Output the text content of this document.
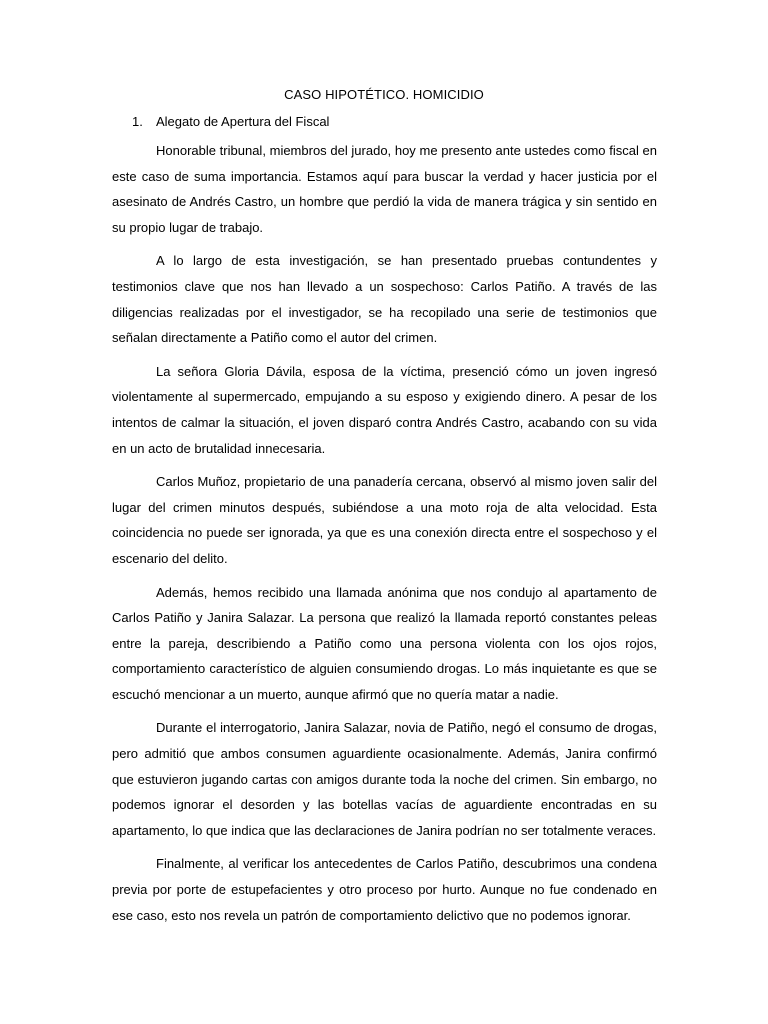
CASO HIPOTÉTICO. HOMICIDIO
1. Alegato de Apertura del Fiscal

Honorable tribunal, miembros del jurado, hoy me presento ante ustedes como fiscal en este caso de suma importancia. Estamos aquí para buscar la verdad y hacer justicia por el asesinato de Andrés Castro, un hombre que perdió la vida de manera trágica y sin sentido en su propio lugar de trabajo.

A lo largo de esta investigación, se han presentado pruebas contundentes y testimonios clave que nos han llevado a un sospechoso: Carlos Patiño. A través de las diligencias realizadas por el investigador, se ha recopilado una serie de testimonios que señalan directamente a Patiño como el autor del crimen.

La señora Gloria Dávila, esposa de la víctima, presenció cómo un joven ingresó violentamente al supermercado, empujando a su esposo y exigiendo dinero. A pesar de los intentos de calmar la situación, el joven disparó contra Andrés Castro, acabando con su vida en un acto de brutalidad innecesaria.

Carlos Muñoz, propietario de una panadería cercana, observó al mismo joven salir del lugar del crimen minutos después, subiéndose a una moto roja de alta velocidad. Esta coincidencia no puede ser ignorada, ya que es una conexión directa entre el sospechoso y el escenario del delito.

Además, hemos recibido una llamada anónima que nos condujo al apartamento de Carlos Patiño y Janira Salazar. La persona que realizó la llamada reportó constantes peleas entre la pareja, describiendo a Patiño como una persona violenta con los ojos rojos, comportamiento característico de alguien consumiendo drogas. Lo más inquietante es que se escuchó mencionar a un muerto, aunque afirmó que no quería matar a nadie.

Durante el interrogatorio, Janira Salazar, novia de Patiño, negó el consumo de drogas, pero admitió que ambos consumen aguardiente ocasionalmente. Además, Janira confirmó que estuvieron jugando cartas con amigos durante toda la noche del crimen. Sin embargo, no podemos ignorar el desorden y las botellas vacías de aguardiente encontradas en su apartamento, lo que indica que las declaraciones de Janira podrían no ser totalmente veraces.

Finalmente, al verificar los antecedentes de Carlos Patiño, descubrimos una condena previa por porte de estupefacientes y otro proceso por hurto. Aunque no fue condenado en ese caso, esto nos revela un patrón de comportamiento delictivo que no podemos ignorar.
